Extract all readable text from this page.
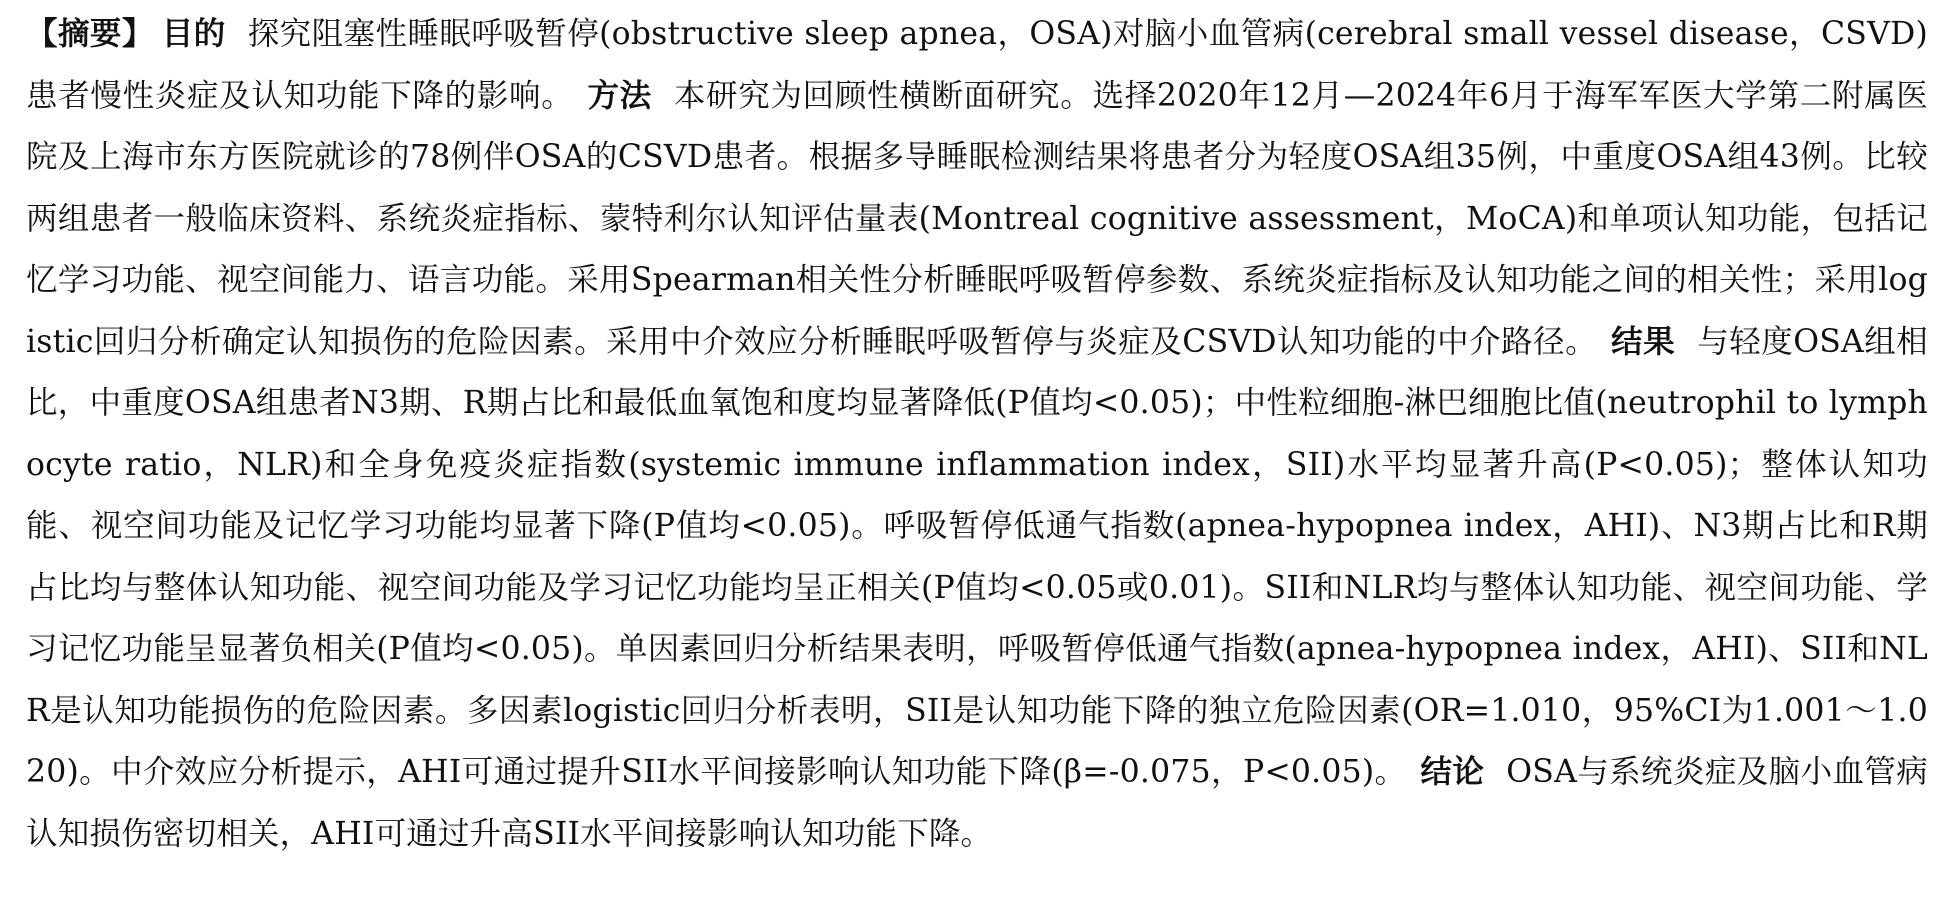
【摘要】 目的 探究阻塞性睡眠呼吸暂停(obstructive sleep apnea，OSA)对脑小血管病(cerebral small vessel disease，CSVD)患者慢性炎症及认知功能下降的影响。 方法 本研究为回顾性横断面研究。选择2020年12月—2024年6月于海军军医大学第二附属医院及上海市东方医院就诊的78例伴OSA的CSVD患者。根据多导睡眠检测结果将患者分为轻度OSA组35例，中重度OSA组43例。比较两组患者一般临床资料、系统炎症指标、蒙特利尔认知评估量表(Montreal cognitive assessment，MoCA)和单项认知功能，包括记忆学习功能、视空间能力、语言功能。采用Spearman相关性分析睡眠呼吸暂停参数、系统炎症指标及认知功能之间的相关性；采用logistic回归分析确定认知损伤的危险因素。采用中介效应分析睡眠呼吸暂停与炎症及CSVD认知功能的中介路径。 结果 与轻度OSA组相比，中重度OSA组患者N3期、R期占比和最低血氧饱和度均显著降低(P值均<0.05)；中性粒细胞-淋巴细胞比值(neutrophil to lymphocyte ratio，NLR)和全身免疫炎症指数(systemic immune inflammation index，SII)水平均显著升高(P<0.05)；整体认知功能、视空间功能及记忆学习功能均显著下降(P值均<0.05)。呼吸暂停低通气指数(apnea-hypopnea index，AHI)、N3期占比和R期占比均与整体认知功能、视空间功能及学习记忆功能均呈正相关(P值均<0.05或0.01)。SII和NLR均与整体认知功能、视空间功能、学习记忆功能呈显著负相关(P值均<0.05)。单因素回归分析结果表明，呼吸暂停低通气指数(apnea-hypopnea index，AHI)、SII和NLR是认知功能损伤的危险因素。多因素logistic回归分析表明，SII是认知功能下降的独立危险因素(OR=1.010，95%CI为1.001～1.020)。中介效应分析提示，AHI可通过提升SII水平间接影响认知功能下降(β=-0.075，P<0.05)。 结论 OSA与系统炎症及脑小血管病认知损伤密切相关，AHI可通过升高SII水平间接影响认知功能下降。
